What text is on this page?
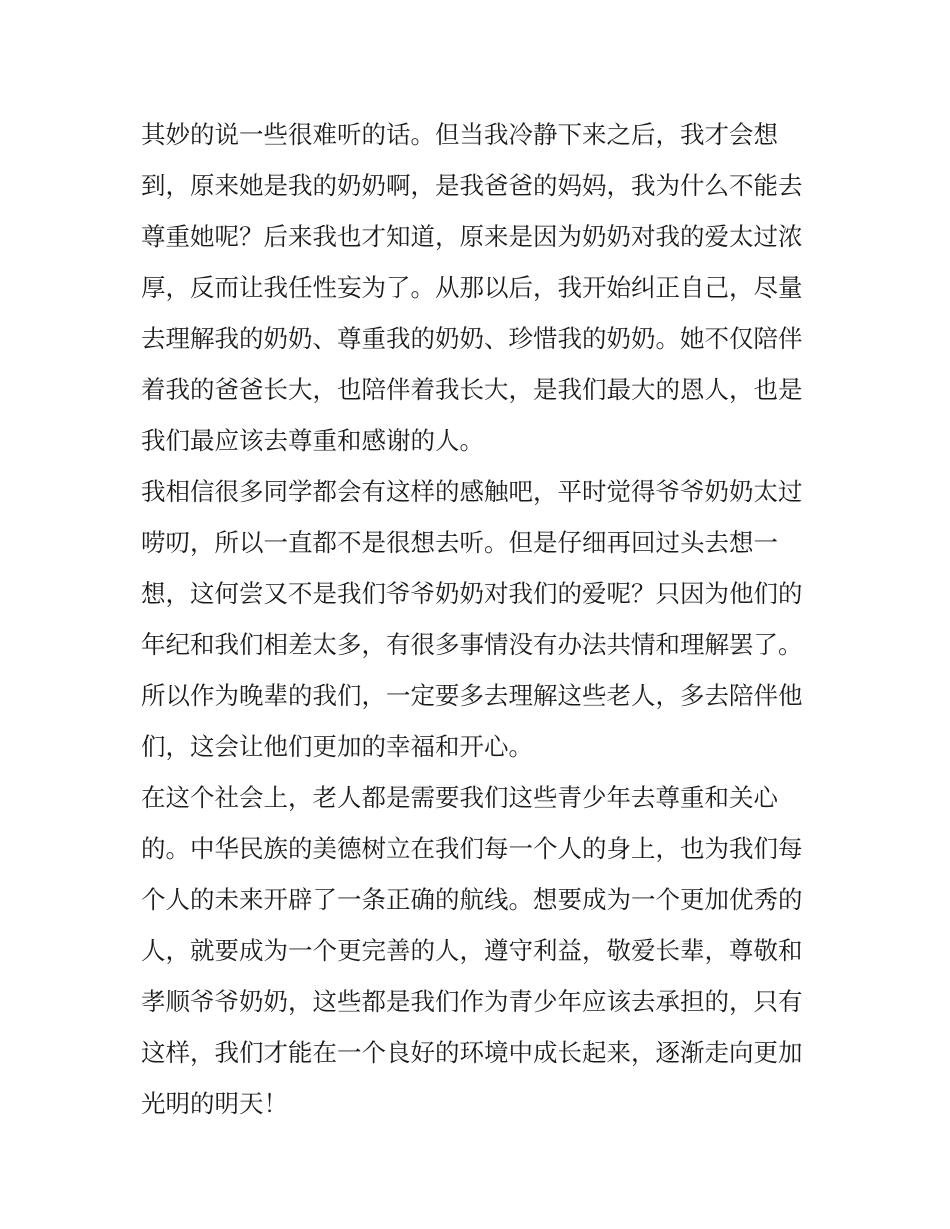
其妙的说一些很难听的话。但当我冷静下来之后，我才会想
到，原来她是我的奶奶啊，是我爸爸的妈妈，我为什么不能去
尊重她呢？后来我也才知道，原来是因为奶奶对我的爱太过浓
厚，反而让我任性妄为了。从那以后，我开始纠正自己，尽量
去理解我的奶奶、尊重我的奶奶、珍惜我的奶奶。她不仅陪伴
着我的爸爸长大，也陪伴着我长大，是我们最大的恩人，也是
我们最应该去尊重和感谢的人。
我相信很多同学都会有这样的感触吧，平时觉得爷爷奶奶太过
唠叨，所以一直都不是很想去听。但是仔细再回过头去想一
想，这何尝又不是我们爷爷奶奶对我们的爱呢？只因为他们的
年纪和我们相差太多，有很多事情没有办法共情和理解罢了。
所以作为晚辈的我们，一定要多去理解这些老人，多去陪伴他
们，这会让他们更加的幸福和开心。
在这个社会上，老人都是需要我们这些青少年去尊重和关心
的。中华民族的美德树立在我们每一个人的身上，也为我们每
个人的未来开辟了一条正确的航线。想要成为一个更加优秀的
人，就要成为一个更完善的人，遵守利益，敬爱长辈，尊敬和
孝顺爷爷奶奶，这些都是我们作为青少年应该去承担的，只有
这样，我们才能在一个良好的环境中成长起来，逐渐走向更加
光明的明天！
